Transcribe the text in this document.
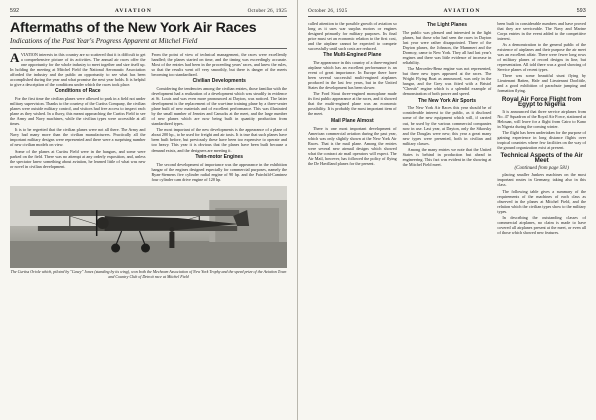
592	AVIATION	October 26, 1925
Aftermaths of the New York Air Races
Indications of the Past Year's Progress Apparent at Mitchel Field

AVIATION interests in this country are so scattered that it is difficult to get a comprehensive picture of its activities. The annual air races offer the one opportunity for the whole industry to meet together and size itself up. In holding the meeting at Mitchel Field the National Aeronautic Association afforded the industry and the public an opportunity to see what has been accomplished during the year and what promise the next year holds. It is helpful to give a description of the conditions under which the races took place.

Conditions of Race

For the first time the civilian planes were allowed to park in a field not under military supervision. Thanks to the courtesy of the Curtiss Company, the civilian planes were outside military control, and visitors had free access to inspect each plane as they wished. In a flurry, this meant approaching the Curtiss Field to see the Army and Navy machines, while the civilian types were accessible at all times.

It is to be regretted that the civilian planes were not all there. The Army and Navy had many more than the civilian manufacturers. Practically all the important military designs were represented and there were a surprising number of new civilian models on view.

Some of the planes at Curtiss Field were in the hangars, and some were parked on the field. There was no attempt at any orderly exposition, and, unless the spectator knew something about aviation, he learned little of what was new or novel in civilian development.

From the point of view of technical management, the races were excellently handled; the planes started on time, and the timing was exceedingly accurate. Most of the entries had been in the proceeding years' races, and knew the rules, so that the results went off very smoothly, but there is danger of the meets becoming too standardized.

Civilian Developments

Considering the tendencies among the civilian entries, those familiar with the development had a realization of a development which was steadily in evidence at St. Louis and was even more pronounced at Dayton, was noticed. The latter development is the replacement of the war-time training plane by a three-seater plane built of new materials and of excellent performance. This was illustrated by the small number of Jennies and Canucks at the meet, and the large number of new planes which are now being built in quantity production from standardized types.

The most important of the new developments is the appearance of a plane of about 200 hp., to be used for freight and air taxis. It is true that such planes have been built before, but previously these have been too expensive to operate and too heavy. This year it is obvious that the planes have been built because a demand exists, and the designers are meeting it.

Twin-motor Engines

The second development of importance was the appearance in the exhibition hangar of the engines designed especially for commercial purposes, namely the Ryan-Siemens five cylinder radial engine of 90 hp. and the Fairchild-Caminez four cylinder cam drive engine of 120 hp.

The Curtiss Oriole which, piloted by "Casey" Jones (standing by its wing), won both the Mecheam Association of New York Trophy and the speed prize of the Aviation Town and Country Club of Detroit race at Mitchel Field
October 26, 1925	AVIATION	593

called attention to the possible growth of aviation so long as it uses war surplus motors or engines designed primarily for military purposes. Its final price must set an economic relation to the first cost, and the airplane cannot be expected to compete successfully until such costs are reduced.

The Multi-Engined Plane

The appearance in this country of a three-engined airplane which has an excellent performance is an event of great importance. In Europe there have been several successful multi-engined airplanes produced in the last few years, but in the United States the development has been slower.

The Ford Stout three-engined monoplane made its first public appearance at the races, and it showed that the multi-engined plane was an economic possibility. It is probably the most important item of the meet.

Mail Plane Almost

There is one most important development of American commercial aviation during the past year, which was only slightly shown at the New York Air Races. That is the mail plane. Among the entries were several new airmail designs which showed what the contract air mail operators will expect. The Air Mail, however, has followed the policy of flying the De Havilland planes for the present.

The Light Planes

The public was pleased and interested in the light planes, but those who had seen the races in Dayton last year were rather disappointed. Three of the Dayton planes, the Johnson, the Mummert and the Dormoy, came to New York. They all had last year's engines and there was little evidence of increase in reliability.

The Mercedes-Benz engine was not represented, but three new types appeared at the races. The Wright Flying Boat as announced, was only in the hangar, and the Grey was fitted with a Bristol "Cherub" engine which is a splendid example of demonstration of both power and speed.

The New York Air Sports

The New York Air Races this year should be of considerable interest to the public, as it disclosed some of the new equipment which will, if carried out, be used by the various commercial companies now in use. Last year, at Dayton, only the Sikorsky and the Douglas were new; this year a great many new types were presented, both in civilian and military classes.

Among the many entries we note that the United States is behind in production but ahead in engineering. This fact was evident in the showing at the Mitchel Field meet.

been built in considerable numbers and have proved that they are serviceable. The Navy and Marine Corps entries in the event added to the competitive interest.

As a demonstration to the general public of the existence of airplanes and their purpose the air meet was an excellent affair. There were fewer long rows of military planes of record designs in line, but representation. All told there was a good showing of Service planes of recent types.

There was some beautiful stunt flying by Lieutenant Batten, Hale and Lieutenant Doolittle, and a good exhibition of parachute jumping and formation flying.

Royal Air Force Flight from Egypt to Nigeria

It is announced that three service airplanes from No. 47 Squadron of the Royal Air Force, stationed at Helouan, will leave for a flight from Cairo to Kano in Nigeria during the coming winter.

The flight has been undertaken for the purpose of gaining experience in long distance flights over tropical countries where few facilities on the way of the ground organization exist at present.

Technical Aspects of the Air Meet
(Continued from page 581)

placing smaller Junkers machines on the most important routes in Germany, taking also in this class.

The following table gives a summary of the requirements of the machines of each class as observed in the planes at Mitchel Field, and the relation which the civilian types show to the military types.

In describing the outstanding classes of commercial airplanes, no claim is made to have covered all airplanes present at the meet, or even all of those which showed new features.
